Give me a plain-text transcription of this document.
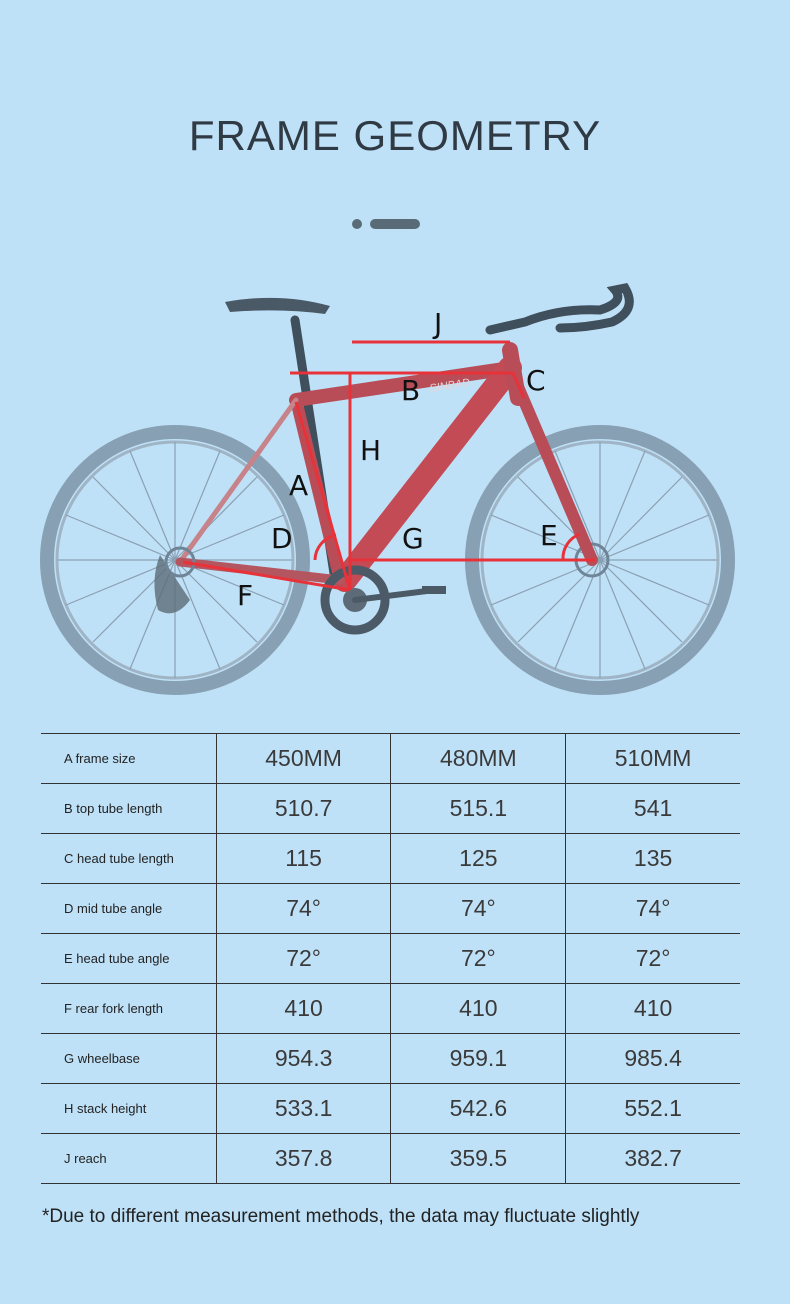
FRAME GEOMETRY
J
B	C
H
A
D	G	E
F
SINBAD
A frame size	450MM	480MM	510MM
B top tube length	510.7	515.1	541
C head tube length	115	125	135
D mid tube angle	74°	74°	74°
E head tube angle	72°	72°	72°
F rear fork length	410	410	410
G wheelbase	954.3	959.1	985.4
H stack height	533.1	542.6	552.1
J reach	357.8	359.5	382.7
*Due to different measurement methods, the data may fluctuate slightly
